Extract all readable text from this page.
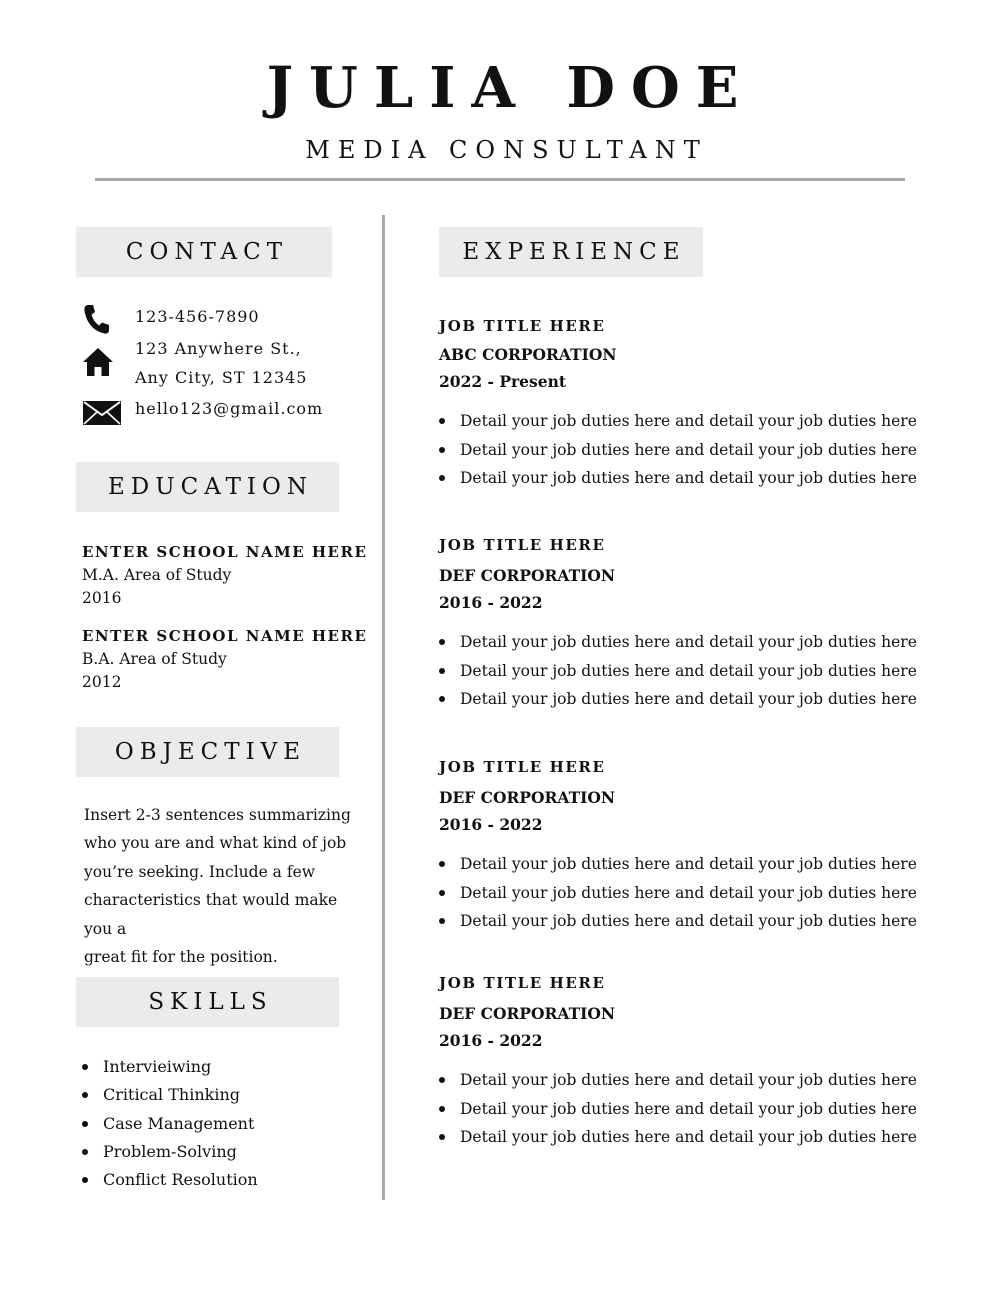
JULIA DOE
MEDIA CONSULTANT
CONTACT
123-456-7890
123 Anywhere St.,
Any City, ST 12345
hello123@gmail.com
EDUCATION
ENTER SCHOOL NAME HERE
M.A. Area of Study
2016
ENTER SCHOOL NAME HERE
B.A. Area of Study
2012
OBJECTIVE
Insert 2-3 sentences summarizing
who you are and what kind of job
you’re seeking. Include a few
characteristics that would make you a
great fit for the position.
SKILLS
Intervieiwing
Critical Thinking
Case Management
Problem-Solving
Conflict Resolution
EXPERIENCE
JOB TITLE HERE
ABC CORPORATION
2022 - Present
Detail your job duties here and detail your job duties here
Detail your job duties here and detail your job duties here
Detail your job duties here and detail your job duties here
JOB TITLE HERE
DEF CORPORATION
2016 - 2022
Detail your job duties here and detail your job duties here
Detail your job duties here and detail your job duties here
Detail your job duties here and detail your job duties here
JOB TITLE HERE
DEF CORPORATION
2016 - 2022
Detail your job duties here and detail your job duties here
Detail your job duties here and detail your job duties here
Detail your job duties here and detail your job duties here
JOB TITLE HERE
DEF CORPORATION
2016 - 2022
Detail your job duties here and detail your job duties here
Detail your job duties here and detail your job duties here
Detail your job duties here and detail your job duties here
